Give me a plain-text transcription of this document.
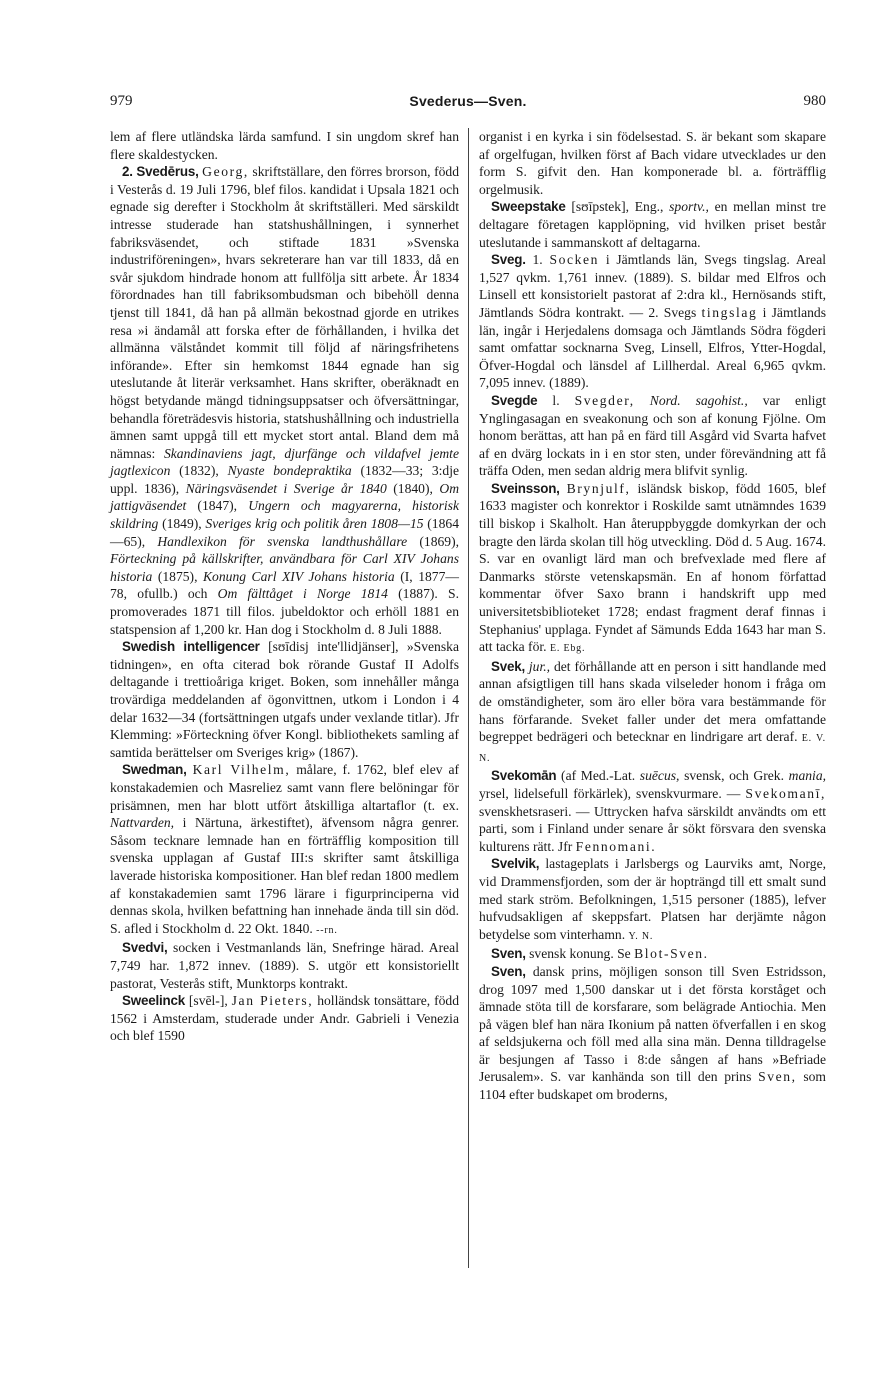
979	Svederus—Sven.	980

lem af flere utländska lärda samfund. I sin ungdom skref han flere skaldestycken.

2. Svedērus, Georg, skriftställare, den förres brorson, född i Vesterås d. 19 Juli 1796, blef filos. kandidat i Upsala 1821 och egnade sig derefter i Stockholm åt skriftställeri. Med särskildt intresse studerade han statshushållningen, i synnerhet fabriksväsendet, och stiftade 1831 »Svenska industriföreningen», hvars sekreterare han var till 1833, då en svår sjukdom hindrade honom att fullfölja sitt arbete. År 1834 förordnades han till fabriksombudsman och bibehöll denna tjenst till 1841, då han på allmän bekostnad gjorde en utrikes resa »i ändamål att forska efter de förhållanden, i hvilka det allmänna välståndet kommit till följd af näringsfrihetens införande». Efter sin hemkomst 1844 egnade han sig uteslutande åt literär verksamhet. Hans skrifter, oberäknadt en högst betydande mängd tidningsuppsatser och öfversättningar, behandla företrädesvis historia, statshushållning och industriella ämnen samt uppgå till ett mycket stort antal. Bland dem må nämnas: Skandinaviens jagt, djurfänge och vildafvel jemte jagtlexicon (1832), Nyaste bondepraktika (1832—33; 3:dje uppl. 1836), Näringsväsendet i Sverige år 1840 (1840), Om jattigväsendet (1847), Ungern och magyarerna, historisk skildring (1849), Sveriges krig och politik åren 1808—15 (1864—65), Handlexikon för svenska landthushållare (1869), Förteckning på källskrifter, användbara för Carl XIV Johans historia (1875), Konung Carl XIV Johans historia (I, 1877—78, ofullb.) och Om fälttåget i Norge 1814 (1887). S. promoverades 1871 till filos. jubeldoktor och erhöll 1881 en statspension af 1,200 kr. Han dog i Stockholm d. 8 Juli 1888.

Swedish intelligencer [sʊīdisj inte'llidjänser], »Svenska tidningen», en ofta citerad bok rörande Gustaf II Adolfs deltagande i trettioåriga kriget. Boken, som innehåller många trovärdiga meddelanden af ögonvittnen, utkom i London i 4 delar 1632—34 (fortsättningen utgafs under vexlande titlar). Jfr Klemming: »Förteckning öfver Kongl. bibliothekets samling af samtida berättelser om Sveriges krig» (1867).

Swedman, Karl Vilhelm, målare, f. 1762, blef elev af konstakademien och Masreliez samt vann flere belöningar för prisämnen, men har blott utfört åtskilliga altartaflor (t. ex. Nattvarden, i Närtuna, ärkestiftet), äfvensom några genrer. Såsom tecknare lemnade han en förträfflig komposition till svenska upplagan af Gustaf III:s skrifter samt åtskilliga laverade historiska kompositioner. Han blef redan 1800 medlem af konstakademien samt 1796 lärare i figurprinciperna vid dennas skola, hvilken befattning han innehade ända till sin död. S. afled i Stockholm d. 22 Okt. 1840. --rn.

Svedvi, socken i Vestmanlands län, Snefringe härad. Areal 7,749 har. 1,872 innev. (1889). S. utgör ett konsistoriellt pastorat, Vesterås stift, Munktorps kontrakt.

Sweelinck [svēl-], Jan Pieters, holländsk tonsättare, född 1562 i Amsterdam, studerade under Andr. Gabrieli i Venezia och blef 1590

organist i en kyrka i sin födelsestad. S. är bekant som skapare af orgelfugan, hvilken först af Bach vidare utvecklades ur den form S. gifvit den. Han komponerade bl. a. förträfflig orgelmusik.

Sweepstake [sʊīpstek], Eng., sportv., en mellan minst tre deltagare företagen kapplöpning, vid hvilken priset består uteslutande i sammanskott af deltagarna.

Sveg. 1. Socken i Jämtlands län, Svegs tingslag. Areal 1,527 qvkm. 1,761 innev. (1889). S. bildar med Elfros och Linsell ett konsistorielt pastorat af 2:dra kl., Hernösands stift, Jämtlands Södra kontrakt. — 2. Svegs tingslag i Jämtlands län, ingår i Herjedalens domsaga och Jämtlands Södra fögderi samt omfattar socknarna Sveg, Linsell, Elfros, Ytter-Hogdal, Öfver-Hogdal och länsdel af Lillherdal. Areal 6,965 qvkm. 7,095 innev. (1889).

Svegde l. Svegder, Nord. sagohist., var enligt Ynglingasagan en sveakonung och son af konung Fjölne. Om honom berättas, att han på en färd till Asgård vid Svarta hafvet af en dvärg lockats in i en stor sten, under förevändning att få träffa Oden, men sedan aldrig mera blifvit synlig.

Sveinsson, Brynjulf, isländsk biskop, född 1605, blef 1633 magister och konrektor i Roskilde samt utnämndes 1639 till biskop i Skalholt. Han återuppbyggde domkyrkan der och bragte den lärda skolan till hög utveckling. Död d. 5 Aug. 1674. S. var en ovanligt lärd man och brefvexlade med flere af Danmarks störste vetenskapsmän. En af honom författad kommentar öfver Saxo brann i handskrift upp med universitetsbiblioteket 1728; endast fragment deraf finnas i Stephanius' upplaga. Fyndet af Sämunds Edda 1643 har man S. att tacka för. E. Ebg.

Svek, jur., det förhållande att en person i sitt handlande med annan afsigtligen till hans skada vilseleder honom i fråga om de omständigheter, som äro eller böra vara bestämmande för hans förfarande. Sveket faller under det mera omfattande begreppet bedrägeri och betecknar en lindrigare art deraf. E. V. N.

Svekomān (af Med.-Lat. suēcus, svensk, och Grek. mania, yrsel, lidelsefull förkärlek), svenskvurmare. — Svekomanī, svenskhetsraseri. — Uttrycken hafva särskildt användts om ett parti, som i Finland under senare år sökt försvara den svenska kulturens rätt. Jfr Fennomani.

Svelvik, lastageplats i Jarlsbergs og Laurviks amt, Norge, vid Drammensfjorden, som der är hopträngd till ett smalt sund med stark ström. Befolkningen, 1,515 personer (1885), lefver hufvudsakligen af skeppsfart. Platsen har derjämte någon betydelse som vinterhamn. Y. N.

Sven, svensk konung. Se Blot-Sven.

Sven, dansk prins, möjligen sonson till Sven Estridsson, drog 1097 med 1,500 danskar ut i det första korståget och ämnade stöta till de korsfarare, som belägrade Antiochia. Men på vägen blef han nära Ikonium på natten öfverfallen i en skog af seldsjukerna och föll med alla sina män. Denna tilldragelse är besjungen af Tasso i 8:de sången af hans »Befriade Jerusalem». S. var kanhända son till den prins Sven, som 1104 efter budskapet om broderns,
